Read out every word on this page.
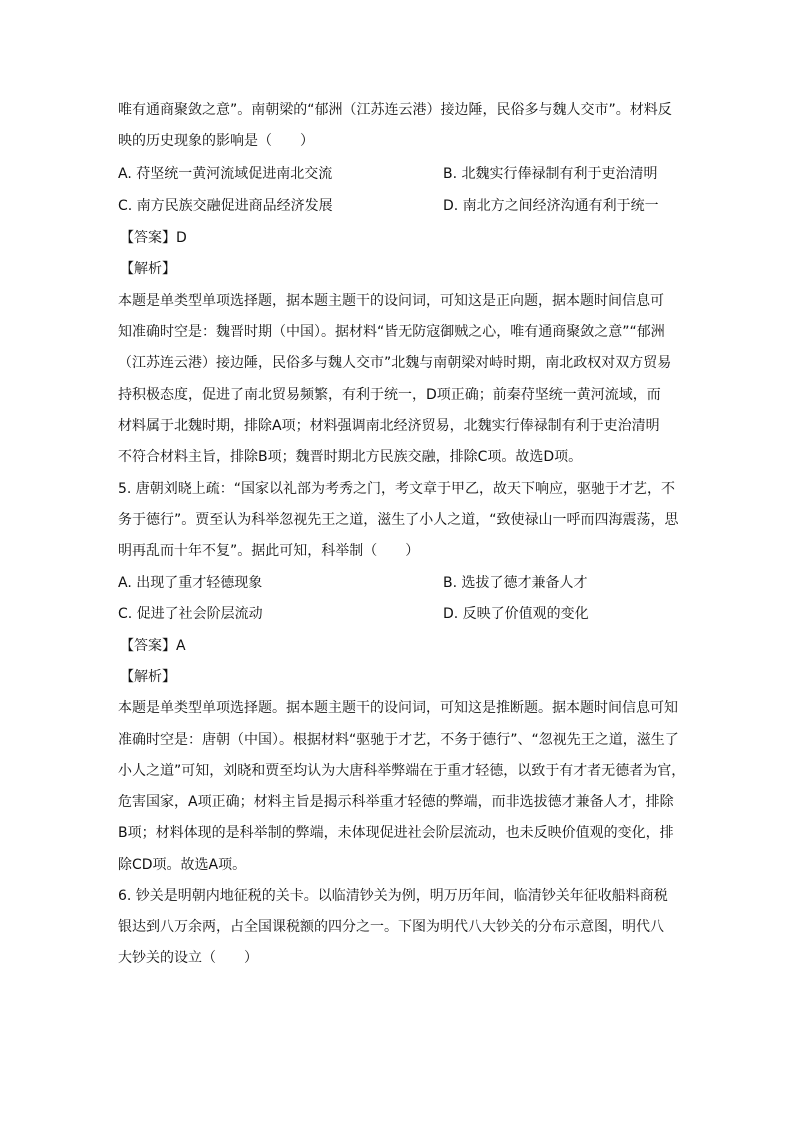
唯有通商聚敛之意”。南朝梁的“郁洲（江苏连云港）接边陲，民俗多与魏人交市”。材料反
映的历史现象的影响是（　　）
A. 苻坚统一黄河流域促进南北交流	B. 北魏实行俸禄制有利于吏治清明
C. 南方民族交融促进商品经济发展	D. 南北方之间经济沟通有利于统一
【答案】D
【解析】
本题是单类型单项选择题，据本题主题干的设问词，可知这是正向题，据本题时间信息可
知准确时空是：魏晋时期（中国）。据材料“皆无防寇御贼之心，唯有通商聚敛之意”“郁洲
（江苏连云港）接边陲，民俗多与魏人交市”北魏与南朝梁对峙时期，南北政权对双方贸易
持积极态度，促进了南北贸易频繁，有利于统一，D项正确；前秦苻坚统一黄河流域，而
材料属于北魏时期，排除A项；材料强调南北经济贸易，北魏实行俸禄制有利于吏治清明
不符合材料主旨，排除B项；魏晋时期北方民族交融，排除C项。故选D项。
5. 唐朝刘晓上疏：“国家以礼部为考秀之门，考文章于甲乙，故天下响应，驱驰于才艺，不
务于德行”。贾至认为科举忽视先王之道，滋生了小人之道，“致使禄山一呼而四海震荡，思
明再乱而十年不复”。据此可知，科举制（　　）
A. 出现了重才轻德现象	B. 选拔了德才兼备人才
C. 促进了社会阶层流动	D. 反映了价值观的变化
【答案】A
【解析】
本题是单类型单项选择题。据本题主题干的设问词，可知这是推断题。据本题时间信息可知
准确时空是：唐朝（中国）。根据材料“驱驰于才艺，不务于德行”、“忽视先王之道，滋生了
小人之道”可知，刘晓和贾至均认为大唐科举弊端在于重才轻德，以致于有才者无德者为官，
危害国家，A项正确；材料主旨是揭示科举重才轻德的弊端，而非选拔德才兼备人才，排除
B项；材料体现的是科举制的弊端，未体现促进社会阶层流动，也未反映价值观的变化，排
除CD项。故选A项。
6. 钞关是明朝内地征税的关卡。以临清钞关为例，明万历年间，临清钞关年征收船料商税
银达到八万余两，占全国课税额的四分之一。下图为明代八大钞关的分布示意图，明代八
大钞关的设立（　　）
